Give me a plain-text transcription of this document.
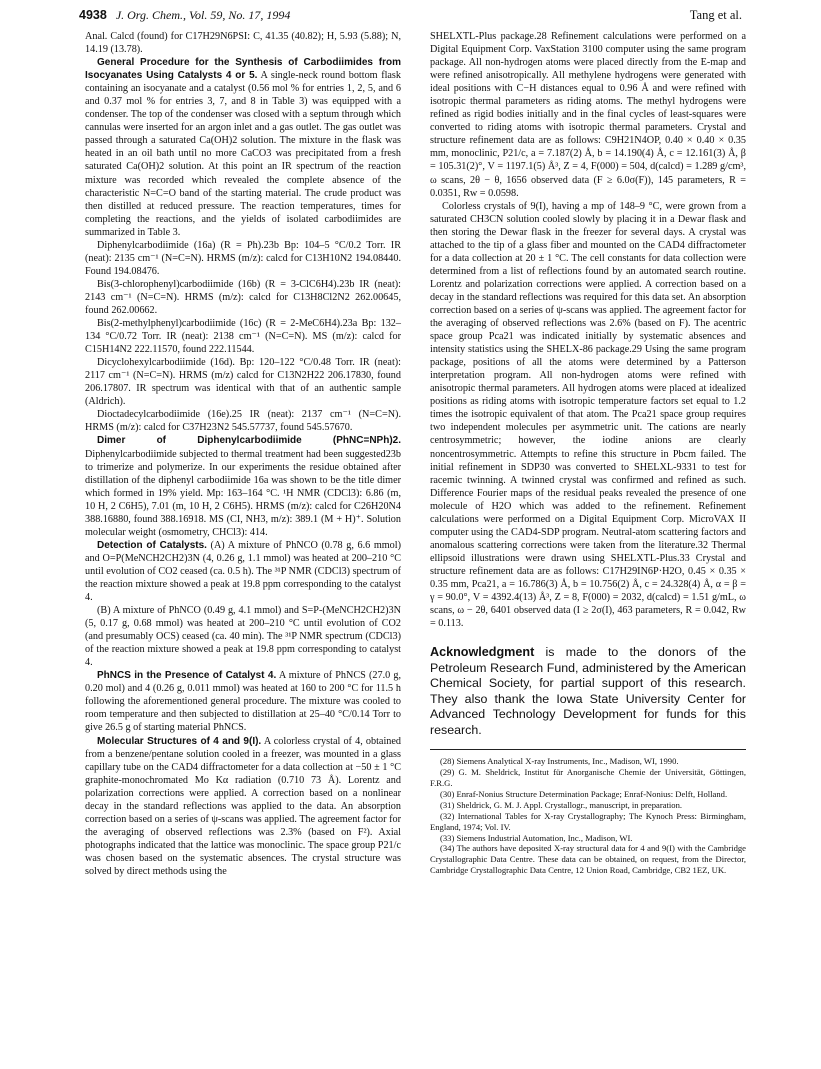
4938 J. Org. Chem., Vol. 59, No. 17, 1994	Tang et al.

Anal. Calcd (found) for C17H29N6PSI: C, 41.35 (40.82); H, 5.93 (5.88); N, 14.19 (13.78).

General Procedure for the Synthesis of Carbodiimides from Isocyanates Using Catalysts 4 or 5. A single-neck round bottom flask containing an isocyanate and a catalyst (0.56 mol % for entries 1, 2, 5, and 6 and 0.37 mol % for entries 3, 7, and 8 in Table 3) was equipped with a condenser. The top of the condenser was closed with a septum through which cannulas were inserted for an argon inlet and a gas outlet. The gas outlet was passed through a saturated Ca(OH)2 solution. The mixture in the flask was heated in an oil bath until no more CaCO3 was precipitated from a fresh saturated Ca(OH)2 solution. At this point an IR spectrum of the reaction mixture was recorded which revealed the complete absence of the characteristic N=C=O band of the starting material. The crude product was then distilled at reduced pressure. The reaction temperatures, times for completing the reactions, and the yields of isolated carbodiimides are summarized in Table 3.

Diphenylcarbodiimide (16a) (R = Ph).23b Bp: 104–5 °C/0.2 Torr. IR (neat): 2135 cm⁻¹ (N=C=N). HRMS (m/z): calcd for C13H10N2 194.08440. Found 194.08476.

Bis(3-chlorophenyl)carbodiimide (16b) (R = 3-ClC6H4).23b IR (neat): 2143 cm⁻¹ (N=C=N). HRMS (m/z): calcd for C13H8Cl2N2 262.00645, found 262.00662.

Bis(2-methylphenyl)carbodiimide (16c) (R = 2-MeC6H4).23a Bp: 132–134 °C/0.72 Torr. IR (neat): 2138 cm⁻¹ (N=C=N). MS (m/z): calcd for C15H14N2 222.11570, found 222.11544.

Dicyclohexylcarbodiimide (16d). Bp: 120–122 °C/0.48 Torr. IR (neat): 2117 cm⁻¹ (N=C=N). HRMS (m/z) calcd for C13N2H22 206.17830, found 206.17807. IR spectrum was identical with that of an authentic sample (Aldrich).

Dioctadecylcarbodiimide (16e).25 IR (neat): 2137 cm⁻¹ (N=C=N). HRMS (m/z): calcd for C37H23N2 545.57737, found 545.57670.

Dimer of Diphenylcarbodiimide (PhNC=NPh)2. Diphenylcarbodiimide subjected to thermal treatment had been suggested23b to trimerize and polymerize. In our experiments the residue obtained after distillation of the diphenyl carbodiimide 16a was shown to be the title dimer which formed in 19% yield. Mp: 163–164 °C. ¹H NMR (CDCl3): 6.86 (m, 10 H, 2 C6H5), 7.01 (m, 10 H, 2 C6H5). HRMS (m/z): calcd for C26H20N4 388.16880, found 388.16918. MS (CI, NH3, m/z): 389.1 (M + H)⁺. Solution molecular weight (osmometry, CHCl3): 414.

Detection of Catalysts. (A) A mixture of PhNCO (0.78 g, 6.6 mmol) and O=P(MeNCH2CH2)3N (4, 0.26 g, 1.1 mmol) was heated at 200–210 °C until evolution of CO2 ceased (ca. 0.5 h). The ³¹P NMR (CDCl3) spectrum of the reaction mixture showed a peak at 19.8 ppm corresponding to the catalyst 4.

(B) A mixture of PhNCO (0.49 g, 4.1 mmol) and S=P-(MeNCH2CH2)3N (5, 0.17 g, 0.68 mmol) was heated at 200–210 °C until evolution of CO2 (and presumably OCS) ceased (ca. 40 min). The ³¹P NMR spectrum (CDCl3) of the reaction mixture showed a peak at 19.8 ppm corresponding to catalyst 4.

PhNCS in the Presence of Catalyst 4. A mixture of PhNCS (27.0 g, 0.20 mol) and 4 (0.26 g, 0.011 mmol) was heated at 160 to 200 °C for 11.5 h following the aforementioned general procedure. The mixture was cooled to room temperature and then subjected to distillation at 25–40 °C/0.14 Torr to give 26.5 g of starting material PhNCS.

Molecular Structures of 4 and 9(I). A colorless crystal of 4, obtained from a benzene/pentane solution cooled in a freezer, was mounted in a glass capillary tube on the CAD4 diffractometer for a data collection at −50 ± 1 °C graphite-monochromated Mo Kα radiation (0.710 73 Å). Lorentz and polarization corrections were applied. A correction based on a nonlinear decay in the standard reflections was applied to the data. An absorption correction based on a series of ψ-scans was applied. The agreement factor for the averaging of observed reflections was 2.3% (based on F²). Axial photographs indicated that the lattice was monoclinic. The space group P21/c was chosen based on the systematic absences. The crystal structure was solved by direct methods using the

SHELXTL-Plus package.28 Refinement calculations were performed on a Digital Equipment Corp. VaxStation 3100 computer using the same program package. All non-hydrogen atoms were placed directly from the E-map and were refined anisotropically. All methylene hydrogens were generated with ideal positions with C−H distances equal to 0.96 Å and were refined with isotropic thermal parameters as riding atoms. The methyl hydrogens were refined as rigid bodies initially and in the final cycles of least-squares were converted to riding atoms with isotropic thermal parameters. Crystal and structure refinement data are as follows: C9H21N4OP, 0.40 × 0.40 × 0.35 mm, monoclinic, P21/c, a = 7.187(2) Å, b = 14.190(4) Å, c = 12.161(3) Å, β = 105.31(2)°, V = 1197.1(5) Å³, Z = 4, F(000) = 504, d(calcd) = 1.289 g/cm³, ω scans, 2θ − θ, 1656 observed data (F ≥ 6.0σ(F)), 145 parameters, R = 0.0351, Rw = 0.0598.

Colorless crystals of 9(I), having a mp of 148–9 °C, were grown from a saturated CH3CN solution cooled slowly by placing it in a Dewar flask and then storing the Dewar flask in the freezer for several days. A crystal was attached to the tip of a glass fiber and mounted on the CAD4 diffractometer for a data collection at 20 ± 1 °C. The cell constants for data collection were determined from a list of reflections found by an automated search routine. Lorentz and polarization corrections were applied. A correction based on a decay in the standard reflections was required for this data set. An absorption correction based on a series of ψ-scans was applied. The agreement factor for the averaging of observed reflections was 2.6% (based on F). The acentric space group Pca21 was indicated initially by systematic absences and intensity statistics using the SHELX-86 package.29 Using the same program package, positions of all the atoms were determined by a Patterson interpretation program. All non-hydrogen atoms were refined with anisotropic thermal parameters. All hydrogen atoms were placed at idealized positions as riding atoms with isotropic temperature factors set equal to 1.2 times the isotropic equivalent of that atom. The Pca21 space group requires two independent molecules per asymmetric unit. The cations are nearly centrosymmetric; however, the iodine anions are clearly noncentrosymmetric. Attempts to refine this structure in Pbcm failed. The initial refinement in SDP30 was converted to SHELXL-9331 to test for racemic twinning. A twinned crystal was confirmed and refined as such. Difference Fourier maps of the residual peaks revealed the presence of one molecule of H2O which was added to the refinement. Refinement calculations were performed on a Digital Equipment Corp. MicroVAX II computer using the CAD4-SDP program. Neutral-atom scattering factors and anomalous scattering corrections were taken from the literature.32 Thermal ellipsoid illustrations were drawn using SHELXTL-Plus.33 Crystal and structure refinement data are as follows: C17H29IN6P·H2O, 0.45 × 0.35 × 0.35 mm, Pca21, a = 16.786(3) Å, b = 10.756(2) Å, c = 24.328(4) Å, α = β = γ = 90.0°, V = 4392.4(13) Å³, Z = 8, F(000) = 2032, d(calcd) = 1.51 g/mL, ω scans, ω − 2θ, 6401 observed data (I ≥ 2σ(I), 463 parameters, R = 0.042, Rw = 0.113.

Acknowledgment is made to the donors of the Petroleum Research Fund, administered by the American Chemical Society, for partial support of this research. They also thank the Iowa State University Center for Advanced Technology Development for funds for this research.

(28) Siemens Analytical X-ray Instruments, Inc., Madison, WI, 1990.

(29) G. M. Sheldrick, Institut für Anorganische Chemie der Universität, Göttingen, F.R.G.

(30) Enraf-Nonius Structure Determination Package; Enraf-Nonius: Delft, Holland.

(31) Sheldrick, G. M. J. Appl. Crystallogr., manuscript, in preparation.

(32) International Tables for X-ray Crystallography; The Kynoch Press: Birmingham, England, 1974; Vol. IV.

(33) Siemens Industrial Automation, Inc., Madison, WI.

(34) The authors have deposited X-ray structural data for 4 and 9(I) with the Cambridge Crystallographic Data Centre. These data can be obtained, on request, from the Director, Cambridge Crystallographic Data Centre, 12 Union Road, Cambridge, CB2 1EZ, UK.
